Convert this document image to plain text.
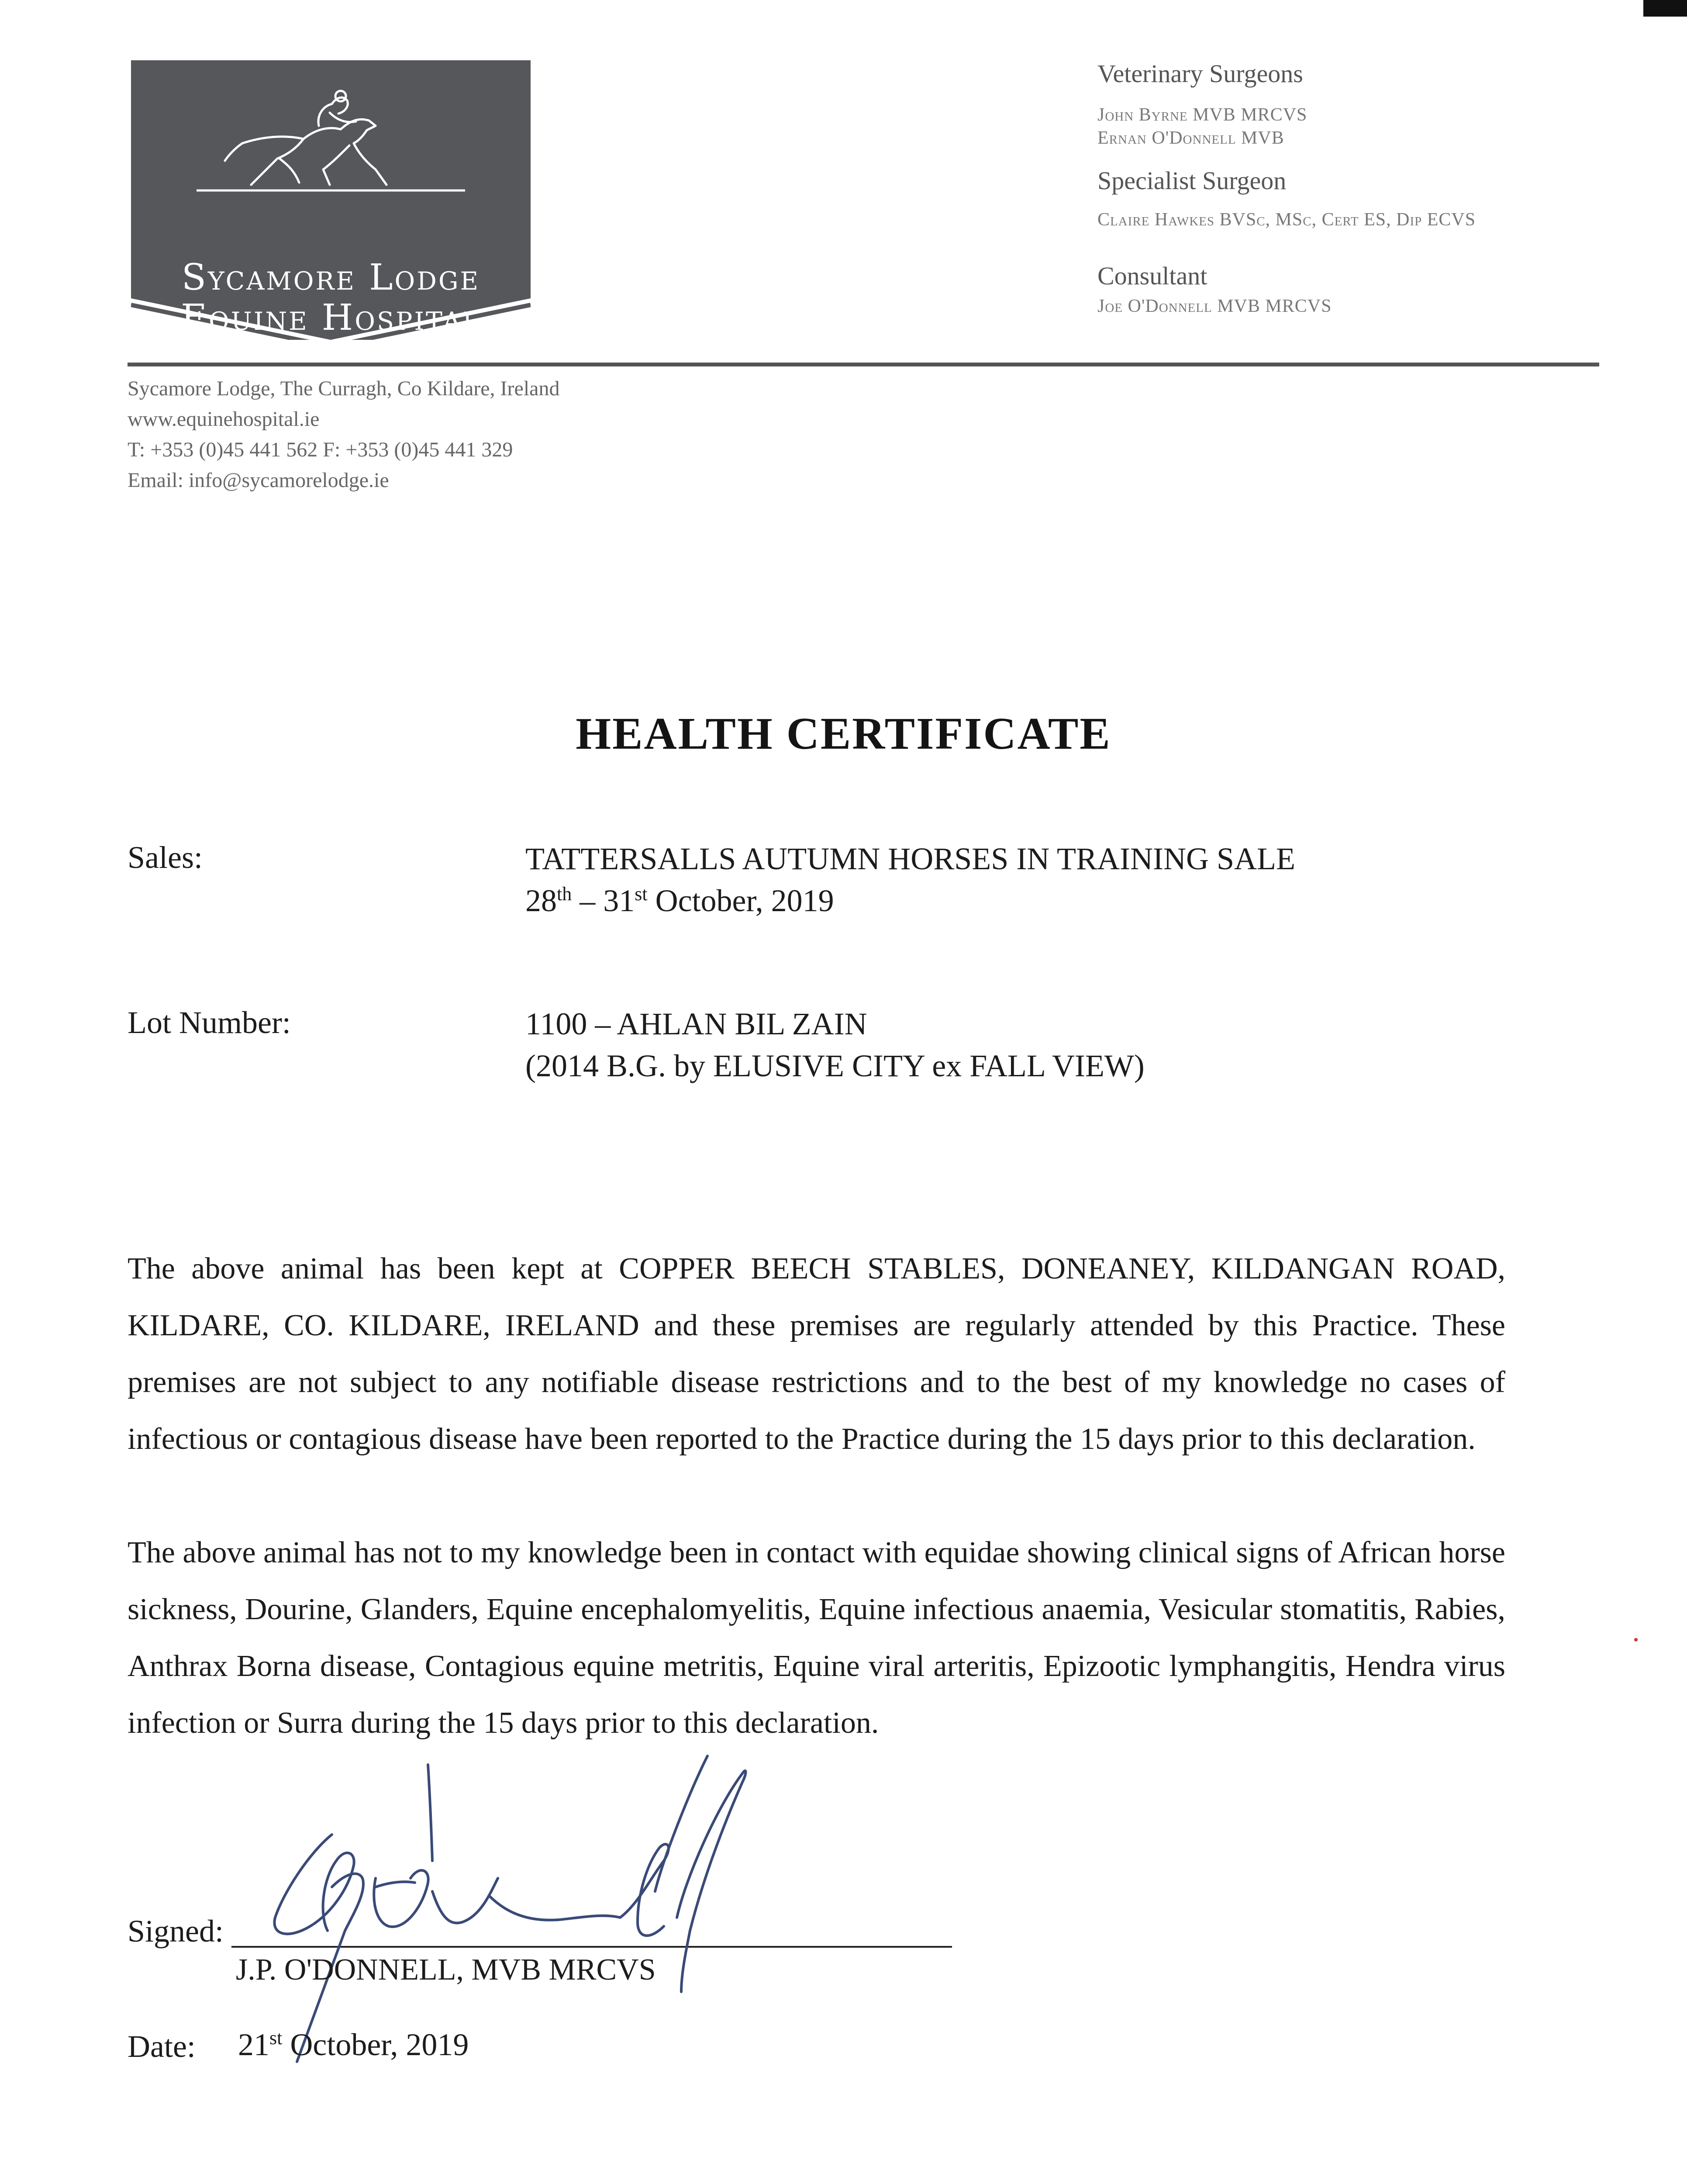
Sycamore Lodge
Equine Hospital

Veterinary Surgeons

John Byrne MVB MRCVS

Ernan O'Donnell MVB

Specialist Surgeon

Claire Hawkes BVSc, MSc, Cert ES, Dip ECVS

Consultant

Joe O'Donnell MVB MRCVS

Sycamore Lodge, The Curragh, Co Kildare, Ireland
www.equinehospital.ie
T: +353 (0)45 441 562 F: +353 (0)45 441 329
Email: info@sycamorelodge.ie
HEALTH CERTIFICATE
Sales:	TATTERSALLS AUTUMN HORSES IN TRAINING SALE
28th – 31st October, 2019
Lot Number:	1100 – AHLAN BIL ZAIN
(2014 B.G. by ELUSIVE CITY ex FALL VIEW)
The above animal has been kept at COPPER BEECH STABLES, DONEANEY, KILDANGAN ROAD, KILDARE, CO. KILDARE, IRELAND and these premises are regularly attended by this Practice. These premises are not subject to any notifiable disease restrictions and to the best of my knowledge no cases of infectious or contagious disease have been reported to the Practice during the 15 days prior to this declaration.
The above animal has not to my knowledge been in contact with equidae showing clinical signs of African horse sickness, Dourine, Glanders, Equine encephalomyelitis, Equine infectious anaemia, Vesicular stomatitis, Rabies, Anthrax Borna disease, Contagious equine metritis, Equine viral arteritis, Epizootic lymphangitis, Hendra virus infection or Surra during the 15 days prior to this declaration.
Signed:
J.P. O'DONNELL, MVB MRCVS
Date: 21st October, 2019
